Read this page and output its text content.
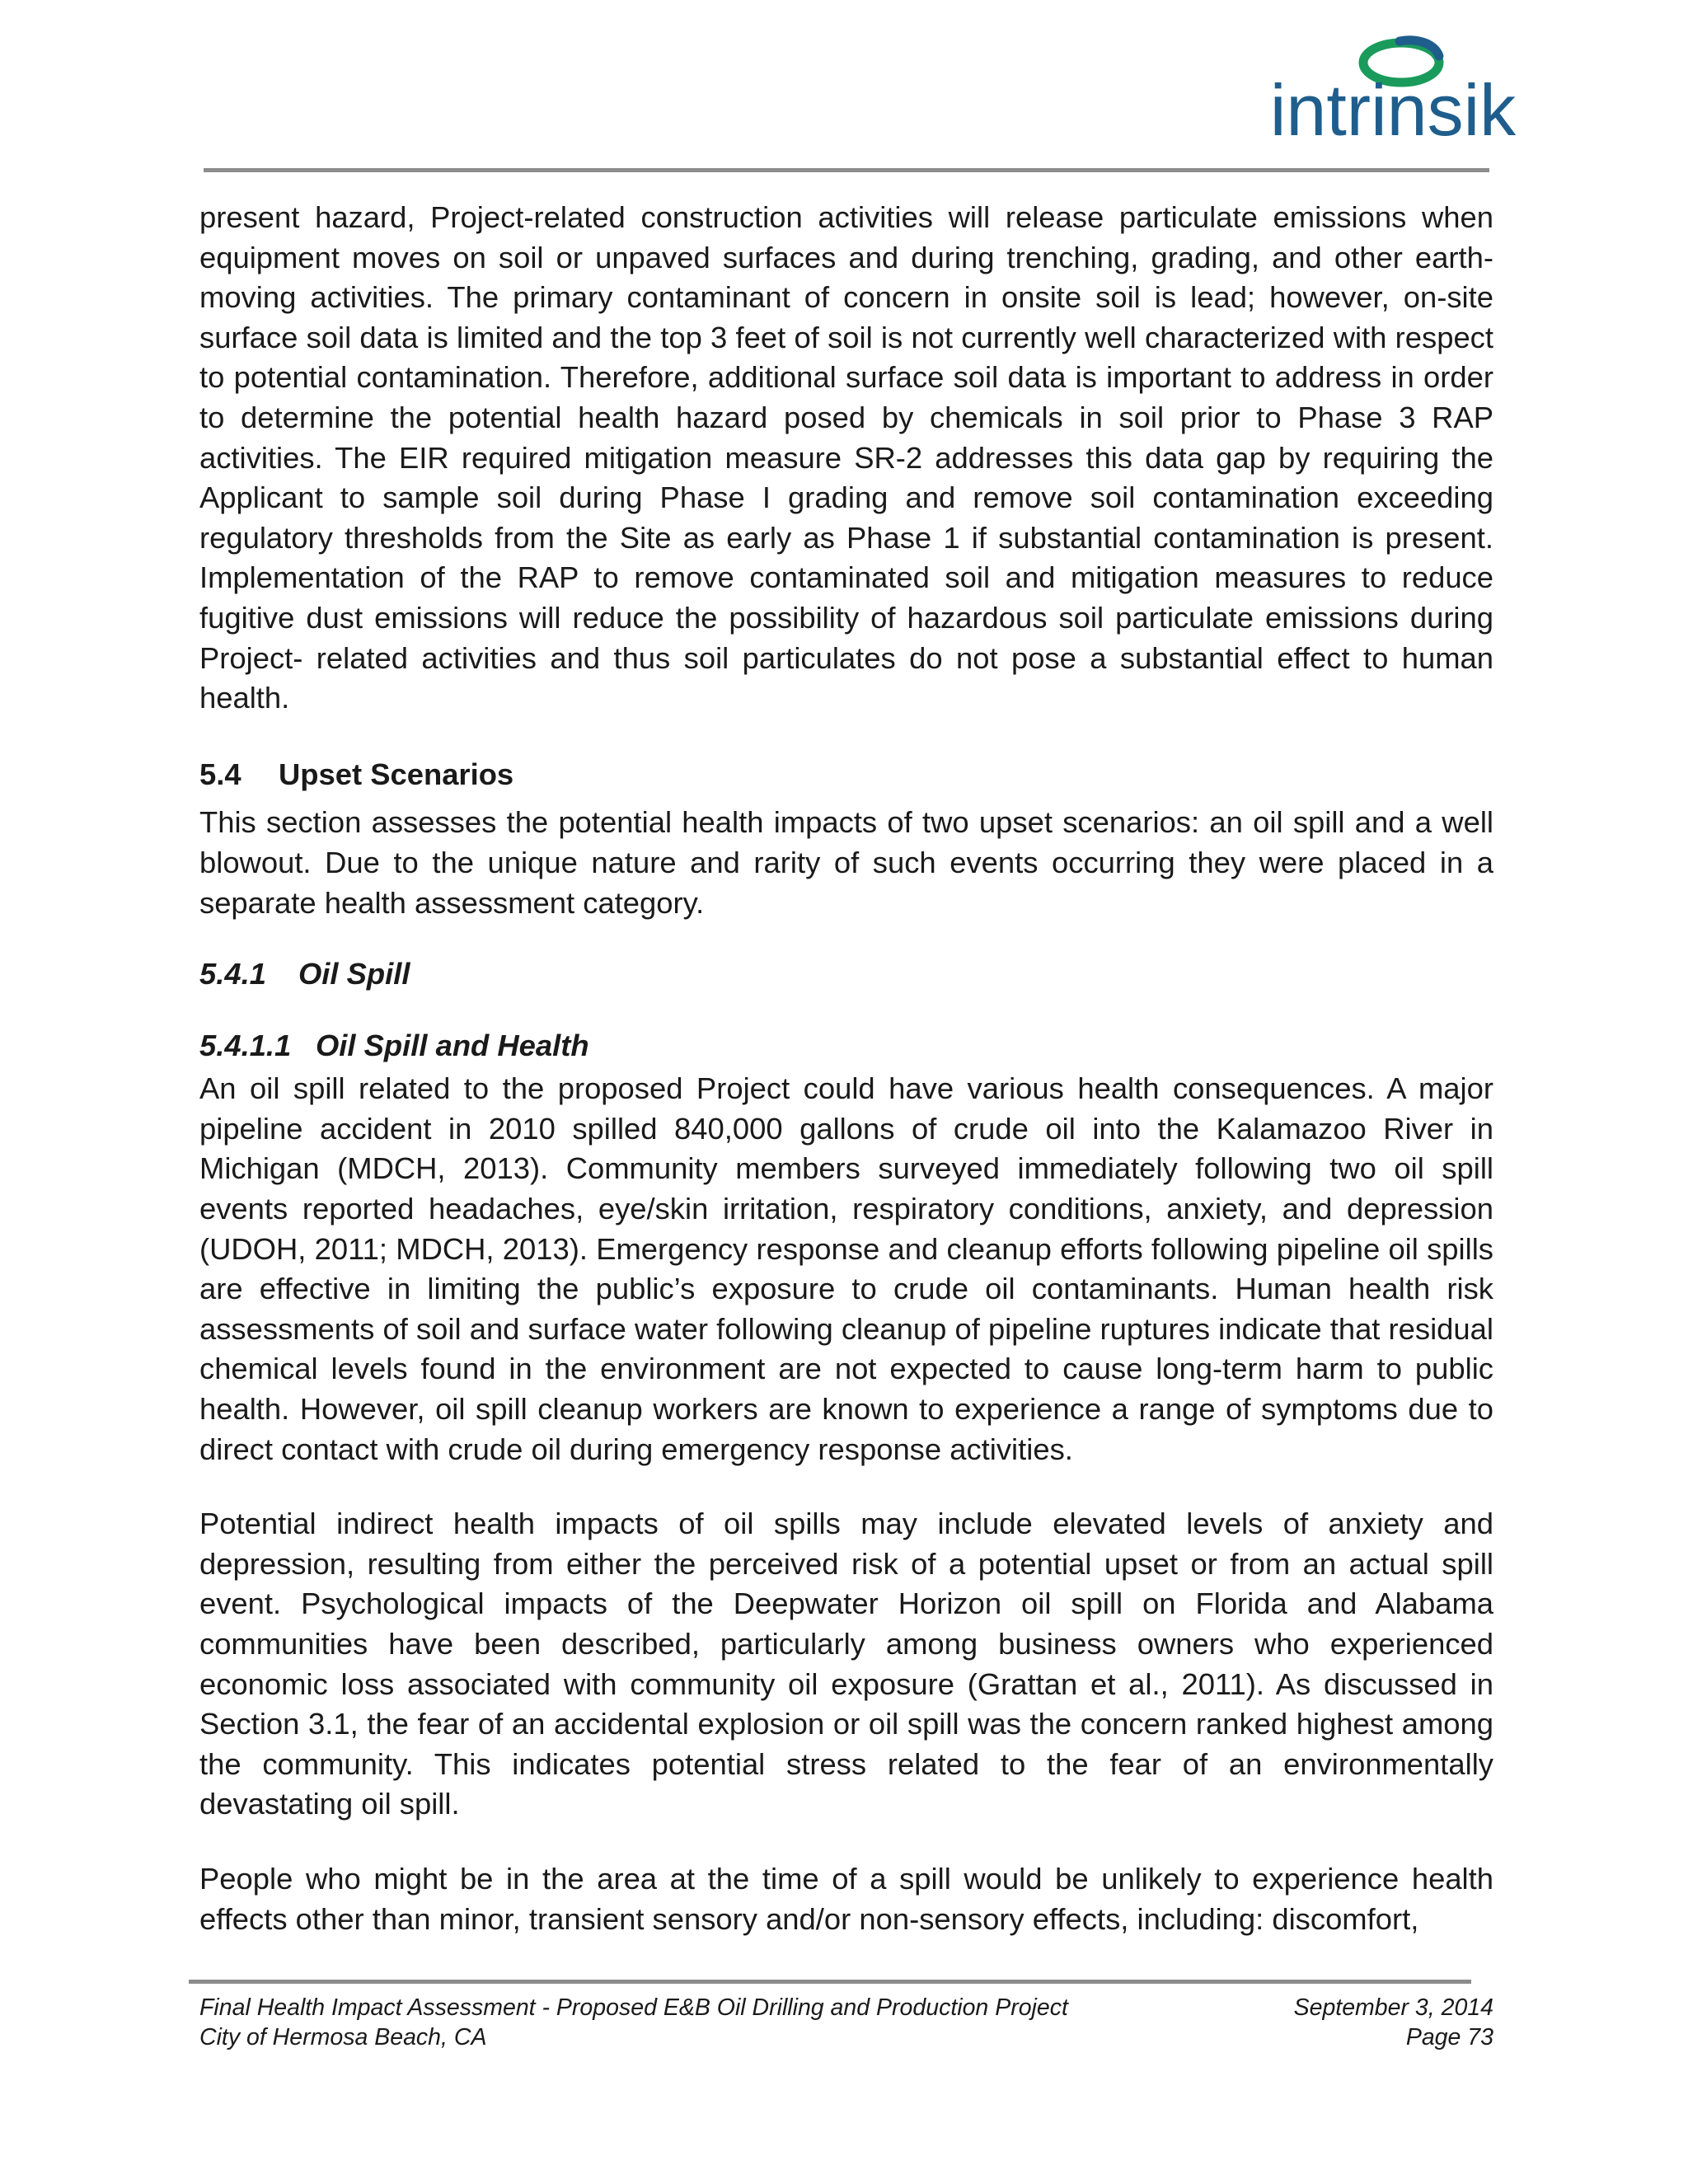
intrinsik

present hazard, Project-related construction activities will release particulate emissions when equipment moves on soil or unpaved surfaces and during trenching, grading, and other earth-moving activities. The primary contaminant of concern in onsite soil is lead; however, on-site surface soil data is limited and the top 3 feet of soil is not currently well characterized with respect to potential contamination. Therefore, additional surface soil data is important to address in order to determine the potential health hazard posed by chemicals in soil prior to Phase 3 RAP activities. The EIR required mitigation measure SR-2 addresses this data gap by requiring the Applicant to sample soil during Phase I grading and remove soil contamination exceeding regulatory thresholds from the Site as early as Phase 1 if substantial contamination is present. Implementation of the RAP to remove contaminated soil and mitigation measures to reduce fugitive dust emissions will reduce the possibility of hazardous soil particulate emissions during Project- related activities and thus soil particulates do not pose a substantial effect to human health.

5.4 Upset Scenarios

This section assesses the potential health impacts of two upset scenarios: an oil spill and a well blowout. Due to the unique nature and rarity of such events occurring they were placed in a separate health assessment category.

5.4.1 Oil Spill
5.4.1.1 Oil Spill and Health

An oil spill related to the proposed Project could have various health consequences. A major pipeline accident in 2010 spilled 840,000 gallons of crude oil into the Kalamazoo River in Michigan (MDCH, 2013). Community members surveyed immediately following two oil spill events reported headaches, eye/skin irritation, respiratory conditions, anxiety, and depression (UDOH, 2011; MDCH, 2013). Emergency response and cleanup efforts following pipeline oil spills are effective in limiting the public’s exposure to crude oil contaminants. Human health risk assessments of soil and surface water following cleanup of pipeline ruptures indicate that residual chemical levels found in the environment are not expected to cause long-term harm to public health. However, oil spill cleanup workers are known to experience a range of symptoms due to direct contact with crude oil during emergency response activities.

Potential indirect health impacts of oil spills may include elevated levels of anxiety and depression, resulting from either the perceived risk of a potential upset or from an actual spill event. Psychological impacts of the Deepwater Horizon oil spill on Florida and Alabama communities have been described, particularly among business owners who experienced economic loss associated with community oil exposure (Grattan et al., 2011). As discussed in Section 3.1, the fear of an accidental explosion or oil spill was the concern ranked highest among the community. This indicates potential stress related to the fear of an environmentally devastating oil spill.

People who might be in the area at the time of a spill would be unlikely to experience health effects other than minor, transient sensory and/or non-sensory effects, including: discomfort,

Final Health Impact Assessment - Proposed E&B Oil Drilling and Production Project	September 3, 2014
City of Hermosa Beach, CA	Page 73
